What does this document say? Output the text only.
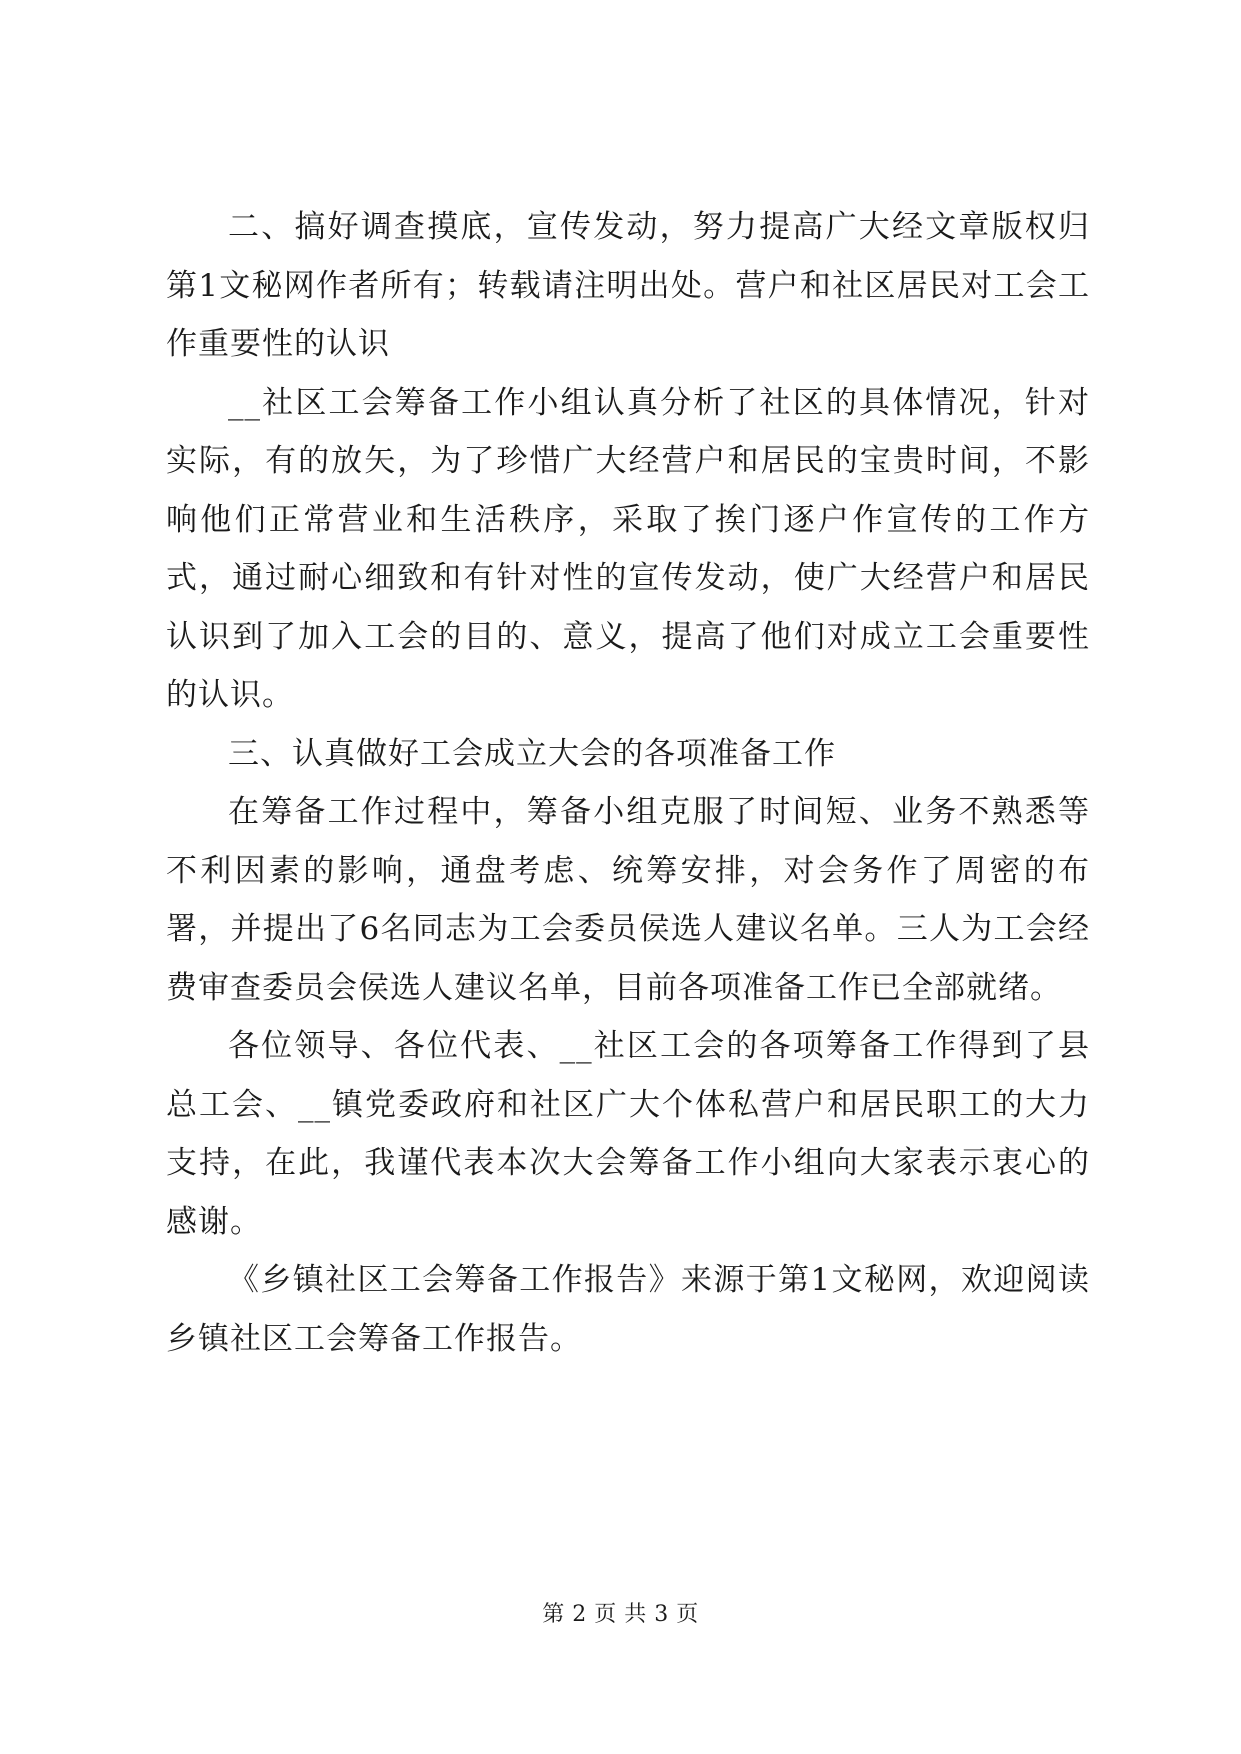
二、搞好调查摸底，宣传发动，努力提高广大经文章版权归第1文秘网作者所有；转载请注明出处。营户和社区居民对工会工作重要性的认识

__社区工会筹备工作小组认真分析了社区的具体情况，针对实际，有的放矢，为了珍惜广大经营户和居民的宝贵时间，不影响他们正常营业和生活秩序，采取了挨门逐户作宣传的工作方式，通过耐心细致和有针对性的宣传发动，使广大经营户和居民认识到了加入工会的目的、意义，提高了他们对成立工会重要性的认识。

三、认真做好工会成立大会的各项准备工作

在筹备工作过程中，筹备小组克服了时间短、业务不熟悉等不利因素的影响，通盘考虑、统筹安排，对会务作了周密的布署，并提出了6名同志为工会委员侯选人建议名单。三人为工会经费审查委员会侯选人建议名单，目前各项准备工作已全部就绪。

各位领导、各位代表、__社区工会的各项筹备工作得到了县总工会、__镇党委政府和社区广大个体私营户和居民职工的大力支持，在此，我谨代表本次大会筹备工作小组向大家表示衷心的感谢。

《乡镇社区工会筹备工作报告》来源于第1文秘网，欢迎阅读乡镇社区工会筹备工作报告。

第 2 页 共 3 页
